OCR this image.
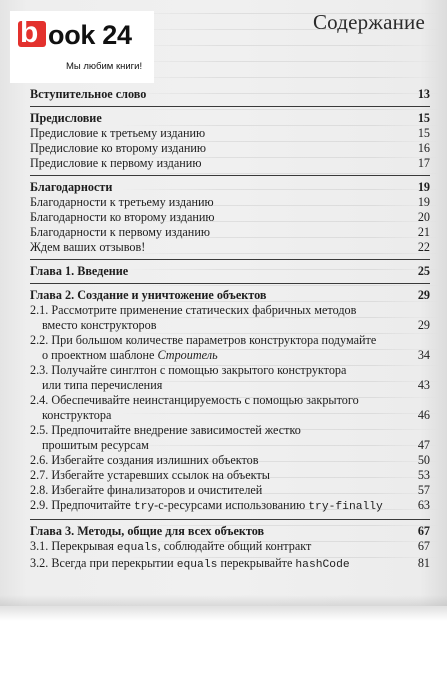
Содержание
Вступительное слово	13
Предисловие	15
Предисловие к третьему изданию	15
Предисловие ко второму изданию	16
Предисловие к первому изданию	17
Благодарности	19
Благодарности к третьему изданию	19
Благодарности ко второму изданию	20
Благодарности к первому изданию	21
Ждем ваших отзывов!	22
Глава 1. Введение	25
Глава 2. Создание и уничтожение объектов	29
2.1. Рассмотрите применение статических фабричных методов
вместо конструкторов	29
2.2. При большом количестве параметров конструктора подумайте
о проектном шаблоне Строитель	34
2.3. Получайте синглтон с помощью закрытого конструктора
или типа перечисления	43
2.4. Обеспечивайте неинстанцируемость с помощью закрытого
конструктора	46
2.5. Предпочитайте внедрение зависимостей жестко
прошитым ресурсам	47
2.6. Избегайте создания излишних объектов	50
2.7. Избегайте устаревших ссылок на объекты	53
2.8. Избегайте финализаторов и очистителей	57
2.9. Предпочитайте try-с-ресурсами использованию try-finally	63
Глава 3. Методы, общие для всех объектов	67
3.1. Перекрывая equals, соблюдайте общий контракт	67
3.2. Всегда при перекрытии equals перекрывайте hashCode	81
b ook 24
Мы любим книги!
